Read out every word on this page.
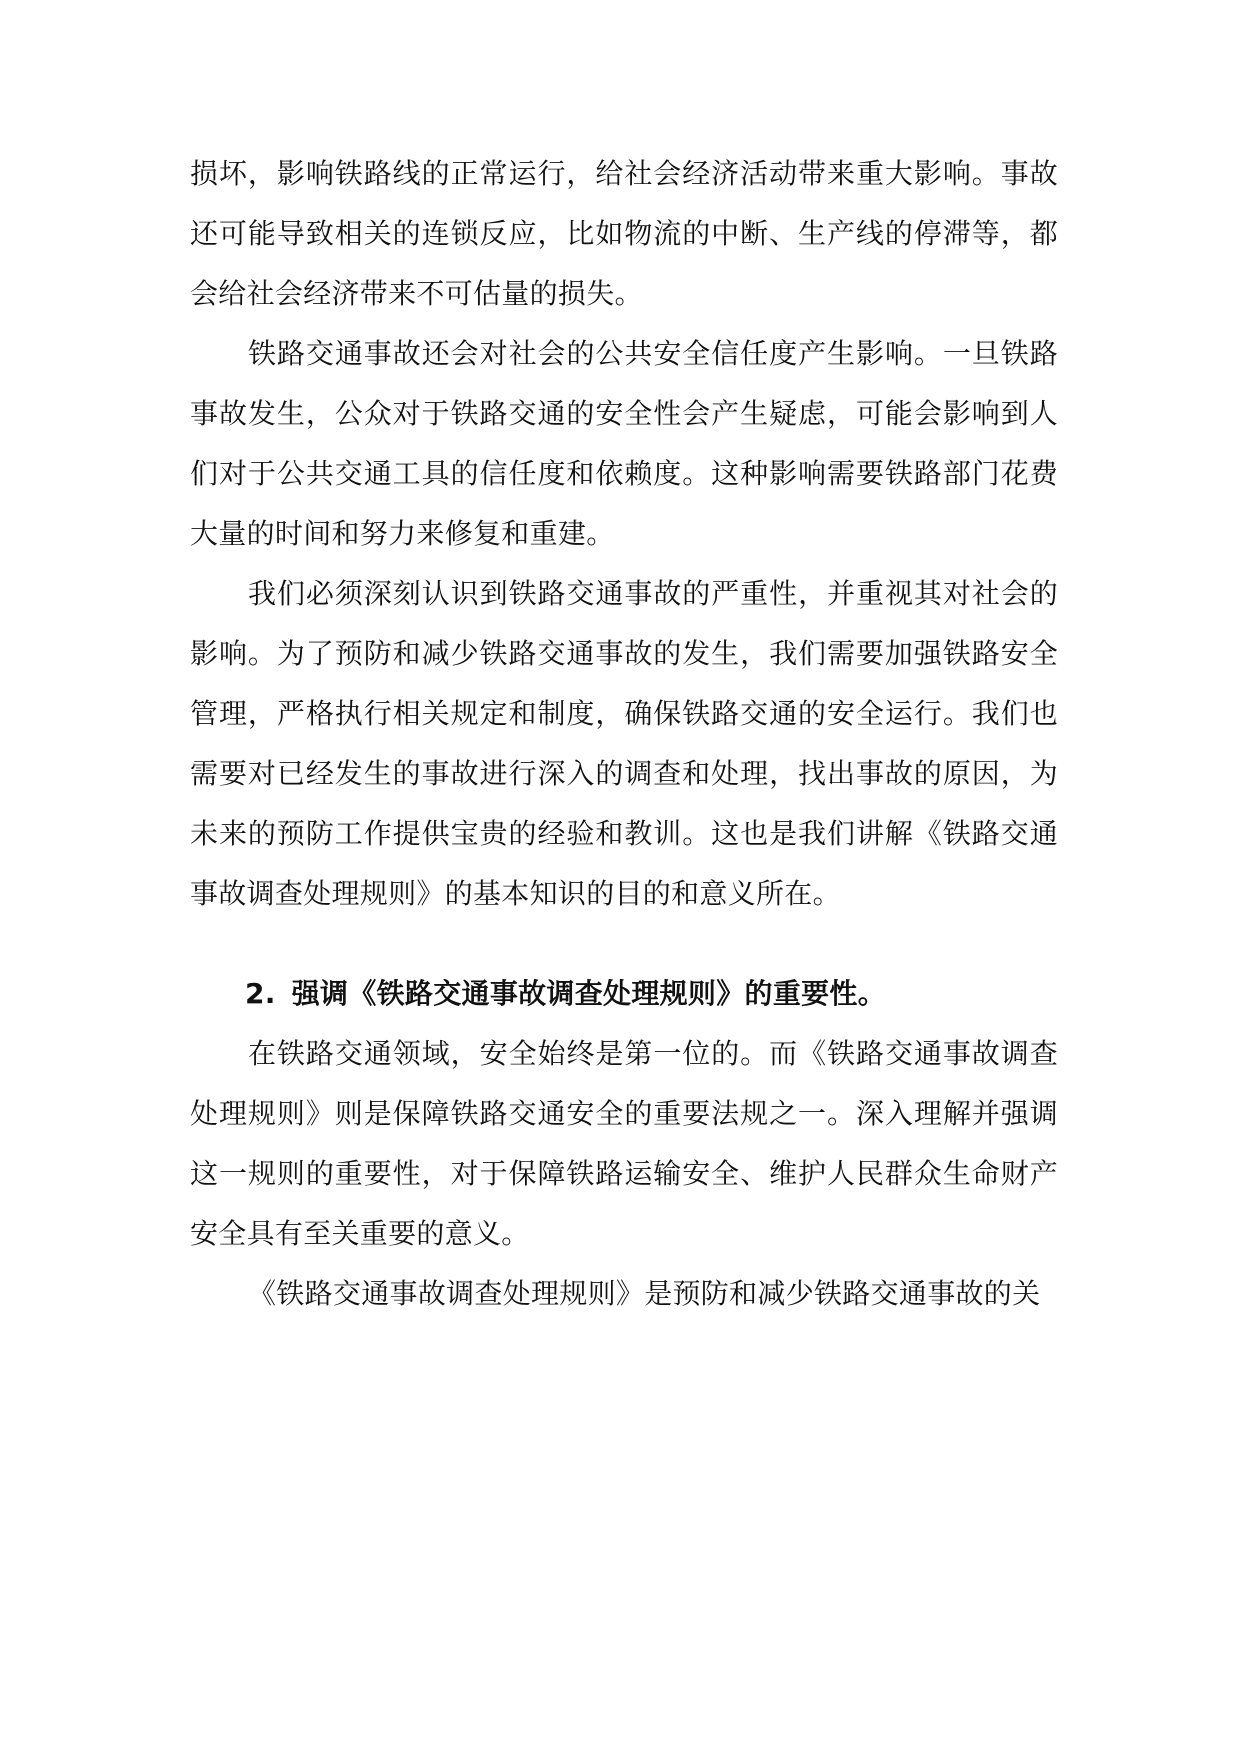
损坏，影响铁路线的正常运行，给社会经济活动带来重大影响。事故还可能导致相关的连锁反应，比如物流的中断、生产线的停滞等，都会给社会经济带来不可估量的损失。

铁路交通事故还会对社会的公共安全信任度产生影响。一旦铁路事故发生，公众对于铁路交通的安全性会产生疑虑，可能会影响到人们对于公共交通工具的信任度和依赖度。这种影响需要铁路部门花费大量的时间和努力来修复和重建。

我们必须深刻认识到铁路交通事故的严重性，并重视其对社会的影响。为了预防和减少铁路交通事故的发生，我们需要加强铁路安全管理，严格执行相关规定和制度，确保铁路交通的安全运行。我们也需要对已经发生的事故进行深入的调查和处理，找出事故的原因，为未来的预防工作提供宝贵的经验和教训。这也是我们讲解《铁路交通事故调查处理规则》的基本知识的目的和意义所在。

2. 强调《铁路交通事故调查处理规则》的重要性。

在铁路交通领域，安全始终是第一位的。而《铁路交通事故调查处理规则》则是保障铁路交通安全的重要法规之一。深入理解并强调这一规则的重要性，对于保障铁路运输安全、维护人民群众生命财产安全具有至关重要的意义。

《铁路交通事故调查处理规则》是预防和减少铁路交通事故的关
